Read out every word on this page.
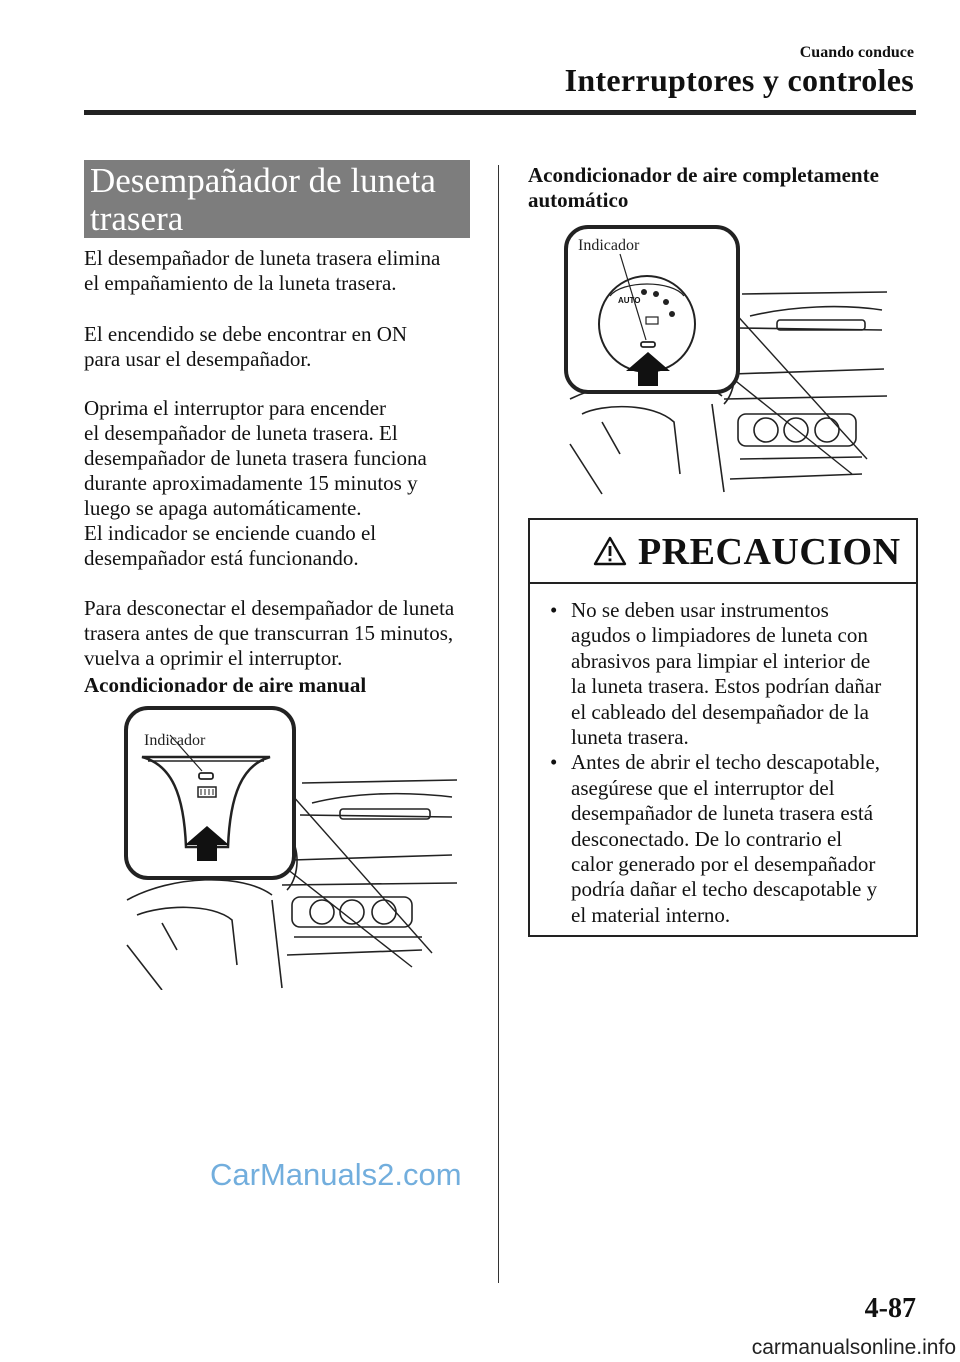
Cuando conduce
Interruptores y controles
Desempañador de luneta
trasera
El desempañador de luneta trasera elimina
el empañamiento de la luneta trasera.
El encendido se debe encontrar en ON
para usar el desempañador.
Oprima el interruptor para encender
el desempañador de luneta trasera. El
desempañador de luneta trasera funciona
durante aproximadamente 15 minutos y
luego se apaga automáticamente.
El indicador se enciende cuando el
desempañador está funcionando.
Para desconectar el desempañador de luneta
trasera antes de que transcurran 15 minutos,
vuelva a oprimir el interruptor.
Acondicionador de aire manual
Indicador
Acondicionador de aire completamente
automático
AUTO
Indicador
PRECAUCION
• No se deben usar instrumentos
agudos o limpiadores de luneta con
abrasivos para limpiar el interior de
la luneta trasera. Estos podrían dañar
el cableado del desempañador de la
luneta trasera.
• Antes de abrir el techo descapotable,
asegúrese que el interruptor del
desempañador de luneta trasera está
desconectado. De lo contrario el
calor generado por el desempañador
podría dañar el techo descapotable y
el material interno.
CarManuals2.com
4-87
carmanualsonline.info
